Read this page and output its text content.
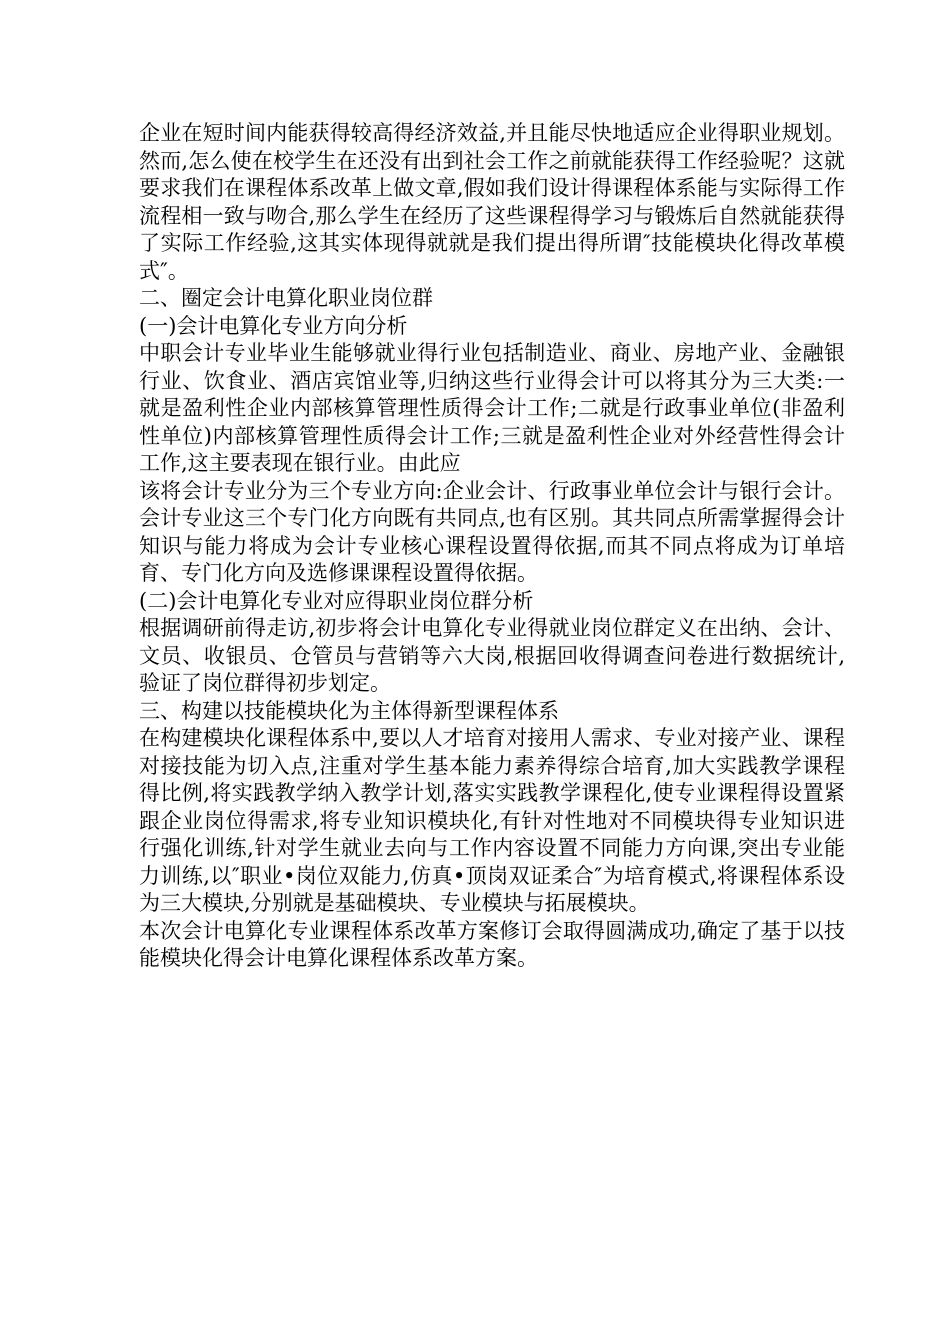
企业在短时间内能获得较高得经济效益,并且能尽快地适应企业得职业规划。然而,怎么使在校学生在还没有出到社会工作之前就能获得工作经验呢？这就要求我们在课程体系改革上做文章,假如我们设计得课程体系能与实际得工作流程相一致与吻合,那么学生在经历了这些课程得学习与锻炼后自然就能获得了实际工作经验,这其实体现得就就是我们提出得所谓″技能模块化得改革模式″。

二、圈定会计电算化职业岗位群

(一)会计电算化专业方向分析

中职会计专业毕业生能够就业得行业包括制造业、商业、房地产业、金融银行业、饮食业、酒店宾馆业等,归纳这些行业得会计可以将其分为三大类:一就是盈利性企业内部核算管理性质得会计工作;二就是行政事业单位(非盈利性单位)内部核算管理性质得会计工作;三就是盈利性企业对外经营性得会计工作,这主要表现在银行业。由此应

该将会计专业分为三个专业方向:企业会计、行政事业单位会计与银行会计。会计专业这三个专门化方向既有共同点,也有区别。其共同点所需掌握得会计知识与能力将成为会计专业核心课程设置得依据,而其不同点将成为订单培育、专门化方向及选修课课程设置得依据。

(二)会计电算化专业对应得职业岗位群分析

根据调研前得走访,初步将会计电算化专业得就业岗位群定义在出纳、会计、文员、收银员、仓管员与营销等六大岗,根据回收得调查问卷进行数据统计,验证了岗位群得初步划定。

三、构建以技能模块化为主体得新型课程体系

在构建模块化课程体系中,要以人才培育对接用人需求、专业对接产业、课程对接技能为切入点,注重对学生基本能力素养得综合培育,加大实践教学课程得比例,将实践教学纳入教学计划,落实实践教学课程化,使专业课程得设置紧跟企业岗位得需求,将专业知识模块化,有针对性地对不同模块得专业知识进行强化训练,针对学生就业去向与工作内容设置不同能力方向课,突出专业能力训练,以″职业•岗位双能力,仿真•顶岗双证柔合″为培育模式,将课程体系设为三大模块,分别就是基础模块、专业模块与拓展模块。

本次会计电算化专业课程体系改革方案修订会取得圆满成功,确定了基于以技能模块化得会计电算化课程体系改革方案。
